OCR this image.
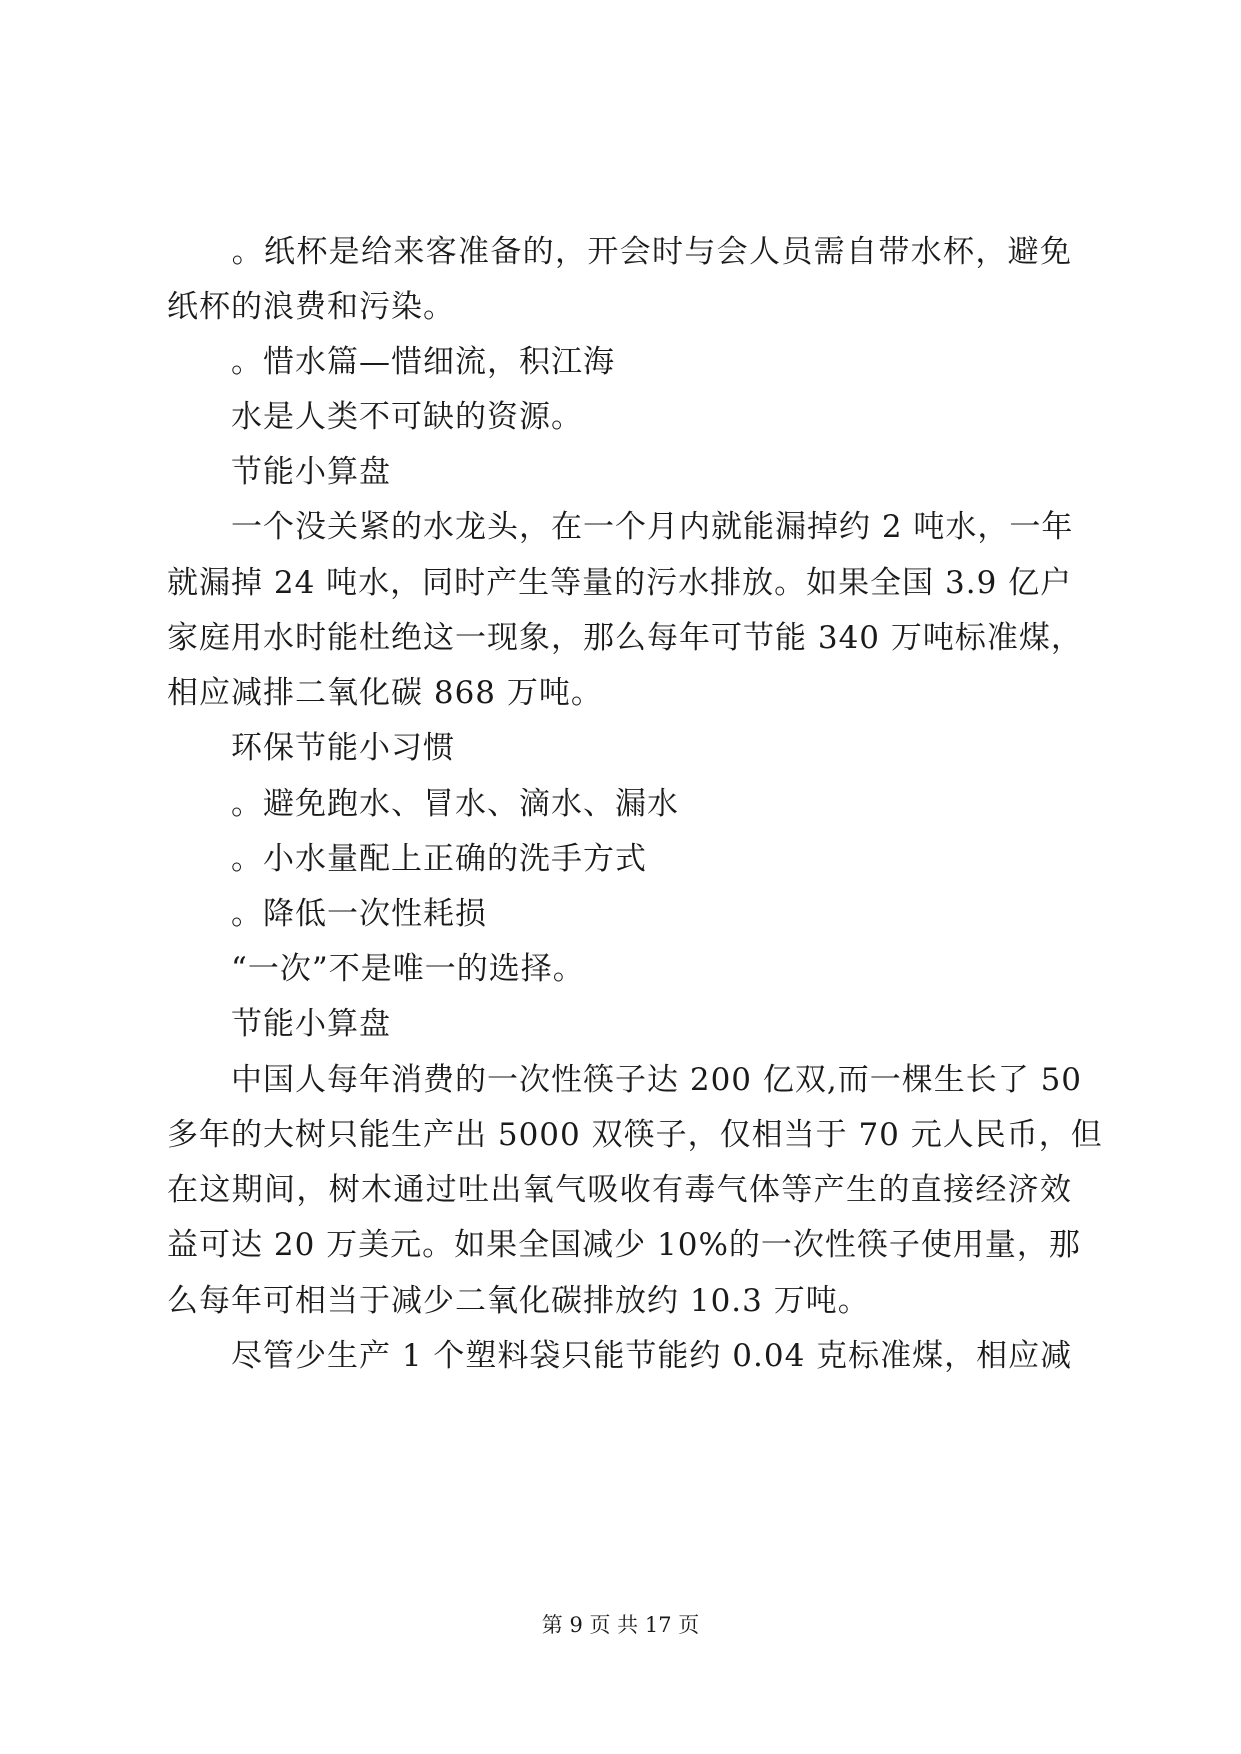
　　。纸杯是给来客准备的，开会时与会人员需自带水杯，避免
纸杯的浪费和污染。
　　。惜水篇—惜细流，积江海
　　水是人类不可缺的资源。
　　节能小算盘
　　一个没关紧的水龙头，在一个月内就能漏掉约 2 吨水，一年
就漏掉 24 吨水，同时产生等量的污水排放。如果全国 3.9 亿户
家庭用水时能杜绝这一现象，那么每年可节能 340 万吨标准煤，
相应减排二氧化碳 868 万吨。
　　环保节能小习惯
　　。避免跑水、冒水、滴水、漏水
　　。小水量配上正确的洗手方式
　　。降低一次性耗损
　　“一次”不是唯一的选择。
　　节能小算盘
　　中国人每年消费的一次性筷子达 200 亿双,而一棵生长了 50
多年的大树只能生产出 5000 双筷子，仅相当于 70 元人民币，但
在这期间，树木通过吐出氧气吸收有毒气体等产生的直接经济效
益可达 20 万美元。如果全国减少 10%的一次性筷子使用量，那
么每年可相当于减少二氧化碳排放约 10.3 万吨。
　　尽管少生产 1 个塑料袋只能节能约 0.04 克标准煤，相应减
第 9 页 共 17 页
